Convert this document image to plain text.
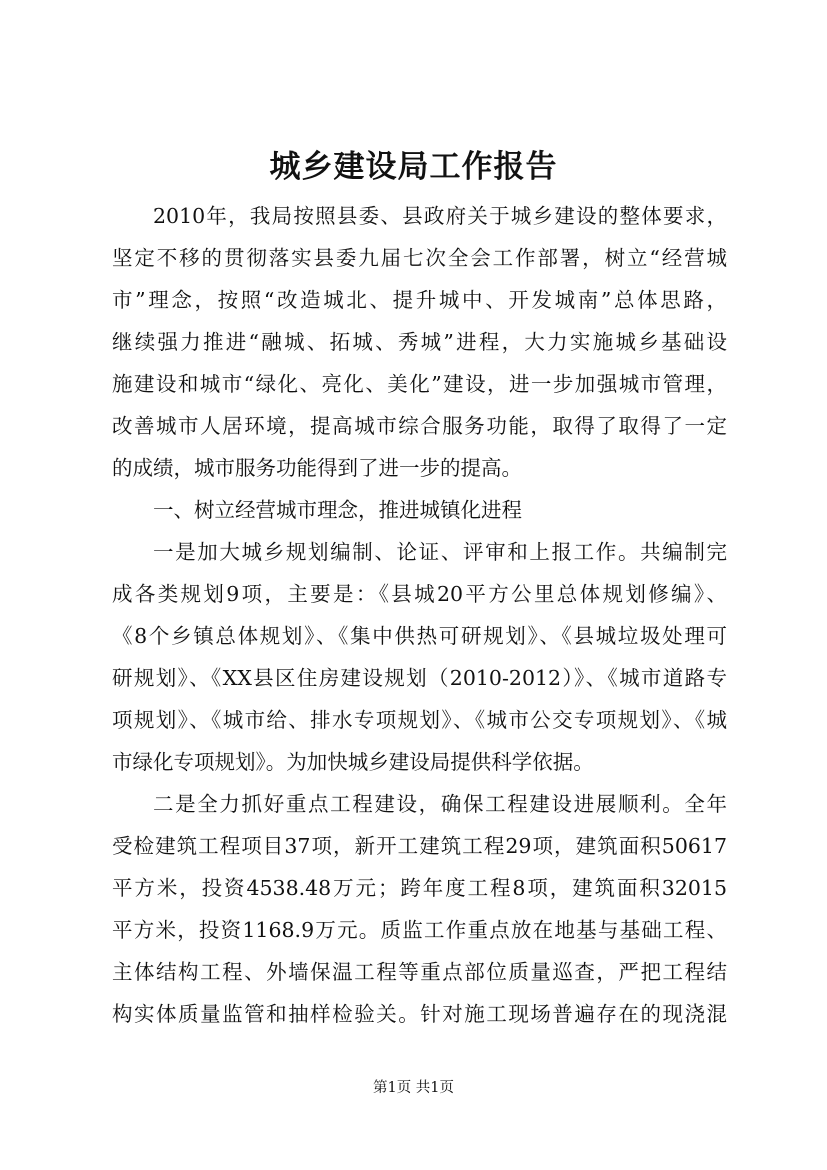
城乡建设局工作报告
2010年，我局按照县委、县政府关于城乡建设的整体要求，
坚定不移的贯彻落实县委九届七次全会工作部署，树立“经营城
市”理念，按照“改造城北、提升城中、开发城南”总体思路，
继续强力推进“融城、拓城、秀城”进程，大力实施城乡基础设
施建设和城市“绿化、亮化、美化”建设，进一步加强城市管理，
改善城市人居环境，提高城市综合服务功能，取得了取得了一定
的成绩，城市服务功能得到了进一步的提高。
一、树立经营城市理念，推进城镇化进程
一是加大城乡规划编制、论证、评审和上报工作。共编制完
成各类规划9项，主要是：《县城20平方公里总体规划修编》、
《8个乡镇总体规划》、《集中供热可研规划》、《县城垃圾处理可
研规划》、《XX县区住房建设规划（2010-2012）》、《城市道路专
项规划》、《城市给、排水专项规划》、《城市公交专项规划》、《城
市绿化专项规划》。为加快城乡建设局提供科学依据。
二是全力抓好重点工程建设，确保工程建设进展顺利。全年
受检建筑工程项目37项，新开工建筑工程29项，建筑面积50617
平方米，投资4538.48万元；跨年度工程8项，建筑面积32015
平方米，投资1168.9万元。质监工作重点放在地基与基础工程、
主体结构工程、外墙保温工程等重点部位质量巡查，严把工程结
构实体质量监管和抽样检验关。针对施工现场普遍存在的现浇混
第1页 共1页
